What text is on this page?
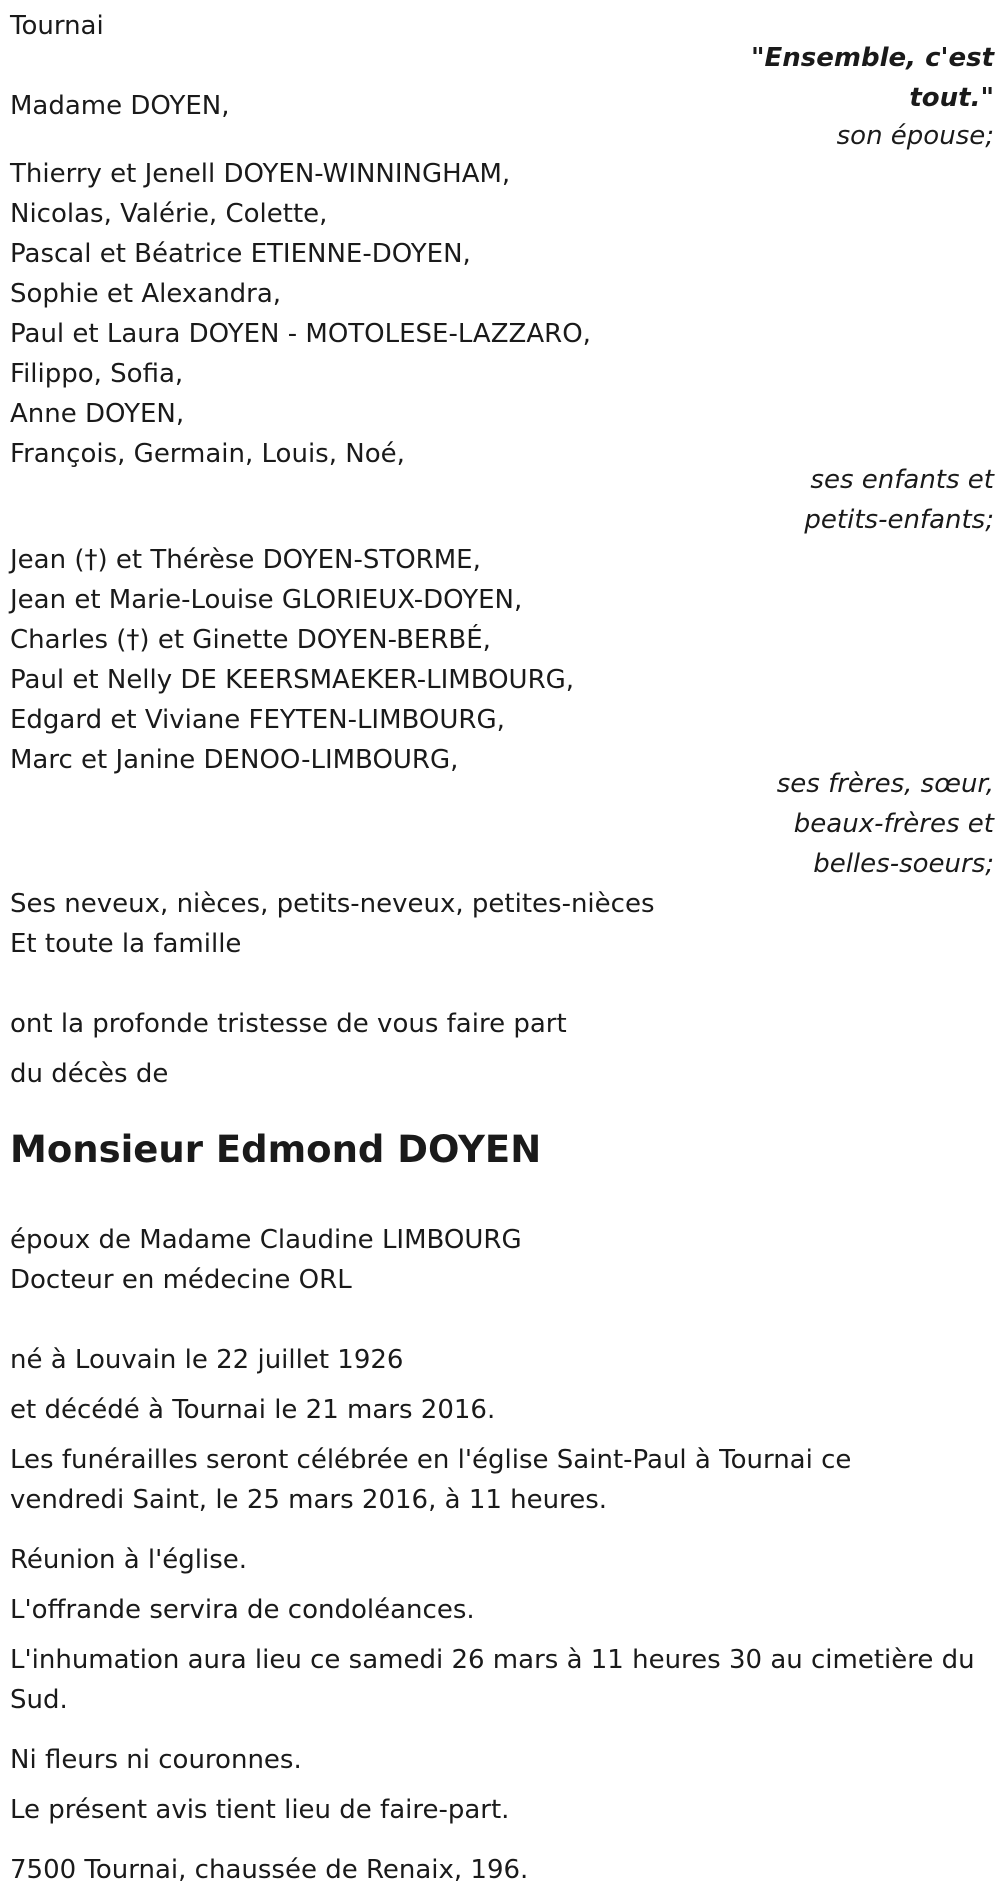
Tournai
"Ensemble, c'est tout."
Madame DOYEN,
son épouse;
Thierry et Jenell DOYEN-WINNINGHAM,
Nicolas, Valérie, Colette,
Pascal et Béatrice ETIENNE-DOYEN,
Sophie et Alexandra,
Paul et Laura DOYEN - MOTOLESE-LAZZARO,
Filippo, Sofia,
Anne DOYEN,
François, Germain, Louis, Noé,
ses enfants et
petits-enfants;
Jean (†) et Thérèse DOYEN-STORME,
Jean et Marie-Louise GLORIEUX-DOYEN,
Charles (†) et Ginette DOYEN-BERBÉ,
Paul et Nelly DE KEERSMAEKER-LIMBOURG,
Edgard et Viviane FEYTEN-LIMBOURG,
Marc et Janine DENOO-LIMBOURG,
ses frères, sœur,
beaux-frères et
belles-soeurs;
Ses neveux, nièces, petits-neveux, petites-nièces
Et toute la famille
ont la profonde tristesse de vous faire part
du décès de
Monsieur Edmond DOYEN
époux de Madame Claudine LIMBOURG
Docteur en médecine ORL
né à Louvain le 22 juillet 1926
et décédé à Tournai le 21 mars 2016.
Les funérailles seront célébrée en l'église Saint-Paul à Tournai ce vendredi Saint, le 25 mars 2016, à 11 heures.
Réunion à l'église.
L'offrande servira de condoléances.
L'inhumation aura lieu ce samedi 26 mars à 11 heures 30 au cimetière du Sud.
Ni fleurs ni couronnes.
Le présent avis tient lieu de faire-part.
7500 Tournai, chaussée de Renaix, 196.
